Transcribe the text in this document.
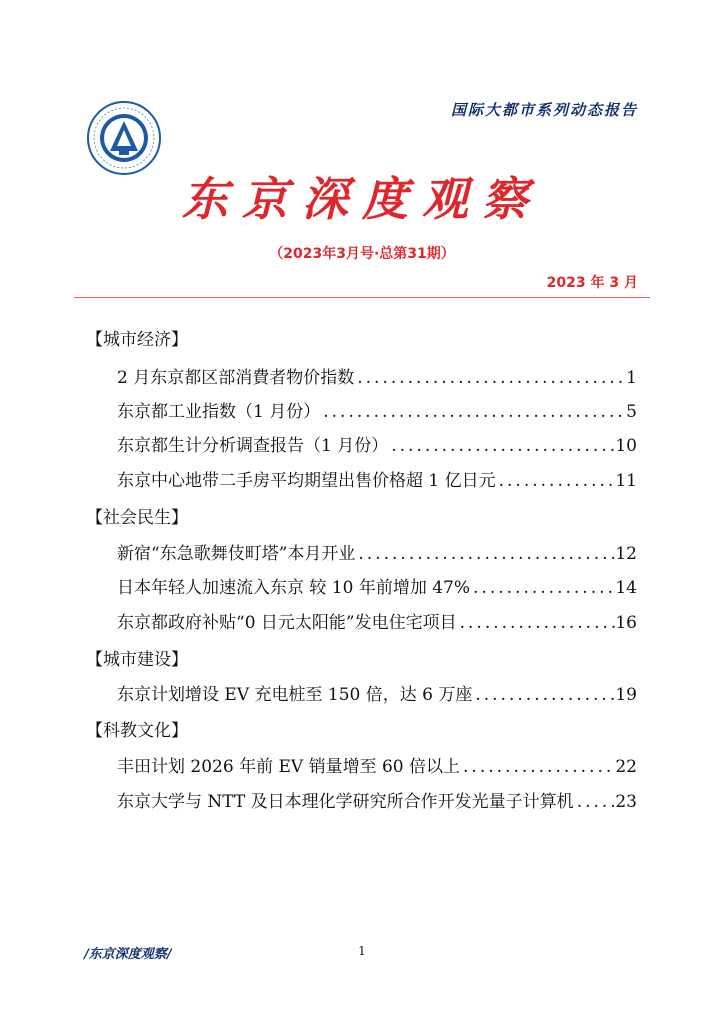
国际大都市系列动态报告
东京深度观察
（2023年3月号·总第31期）
2023 年 3 月
【城市经济】
2 月东京都区部消費者物价指数 .....	1
东京都工业指数（1 月份） .....	5
东京都生计分析调查报告（1 月份） .....	10
东京中心地带二手房平均期望出售价格超 1 亿日元 .....	11
【社会民生】
新宿“东急歌舞伎町塔”本月开业 .....	12
日本年轻人加速流入东京 较 10 年前增加 47% .....	14
东京都政府补贴“0 日元太阳能”发电住宅项目 .....	16
【城市建设】
东京计划增设 EV 充电桩至 150 倍，达 6 万座 .....	19
【科教文化】
丰田计划 2026 年前 EV 销量增至 60 倍以上 .....	22
东京大学与 NTT 及日本理化学研究所合作开发光量子计算机 ..... 23
/东京深度观察/	1
